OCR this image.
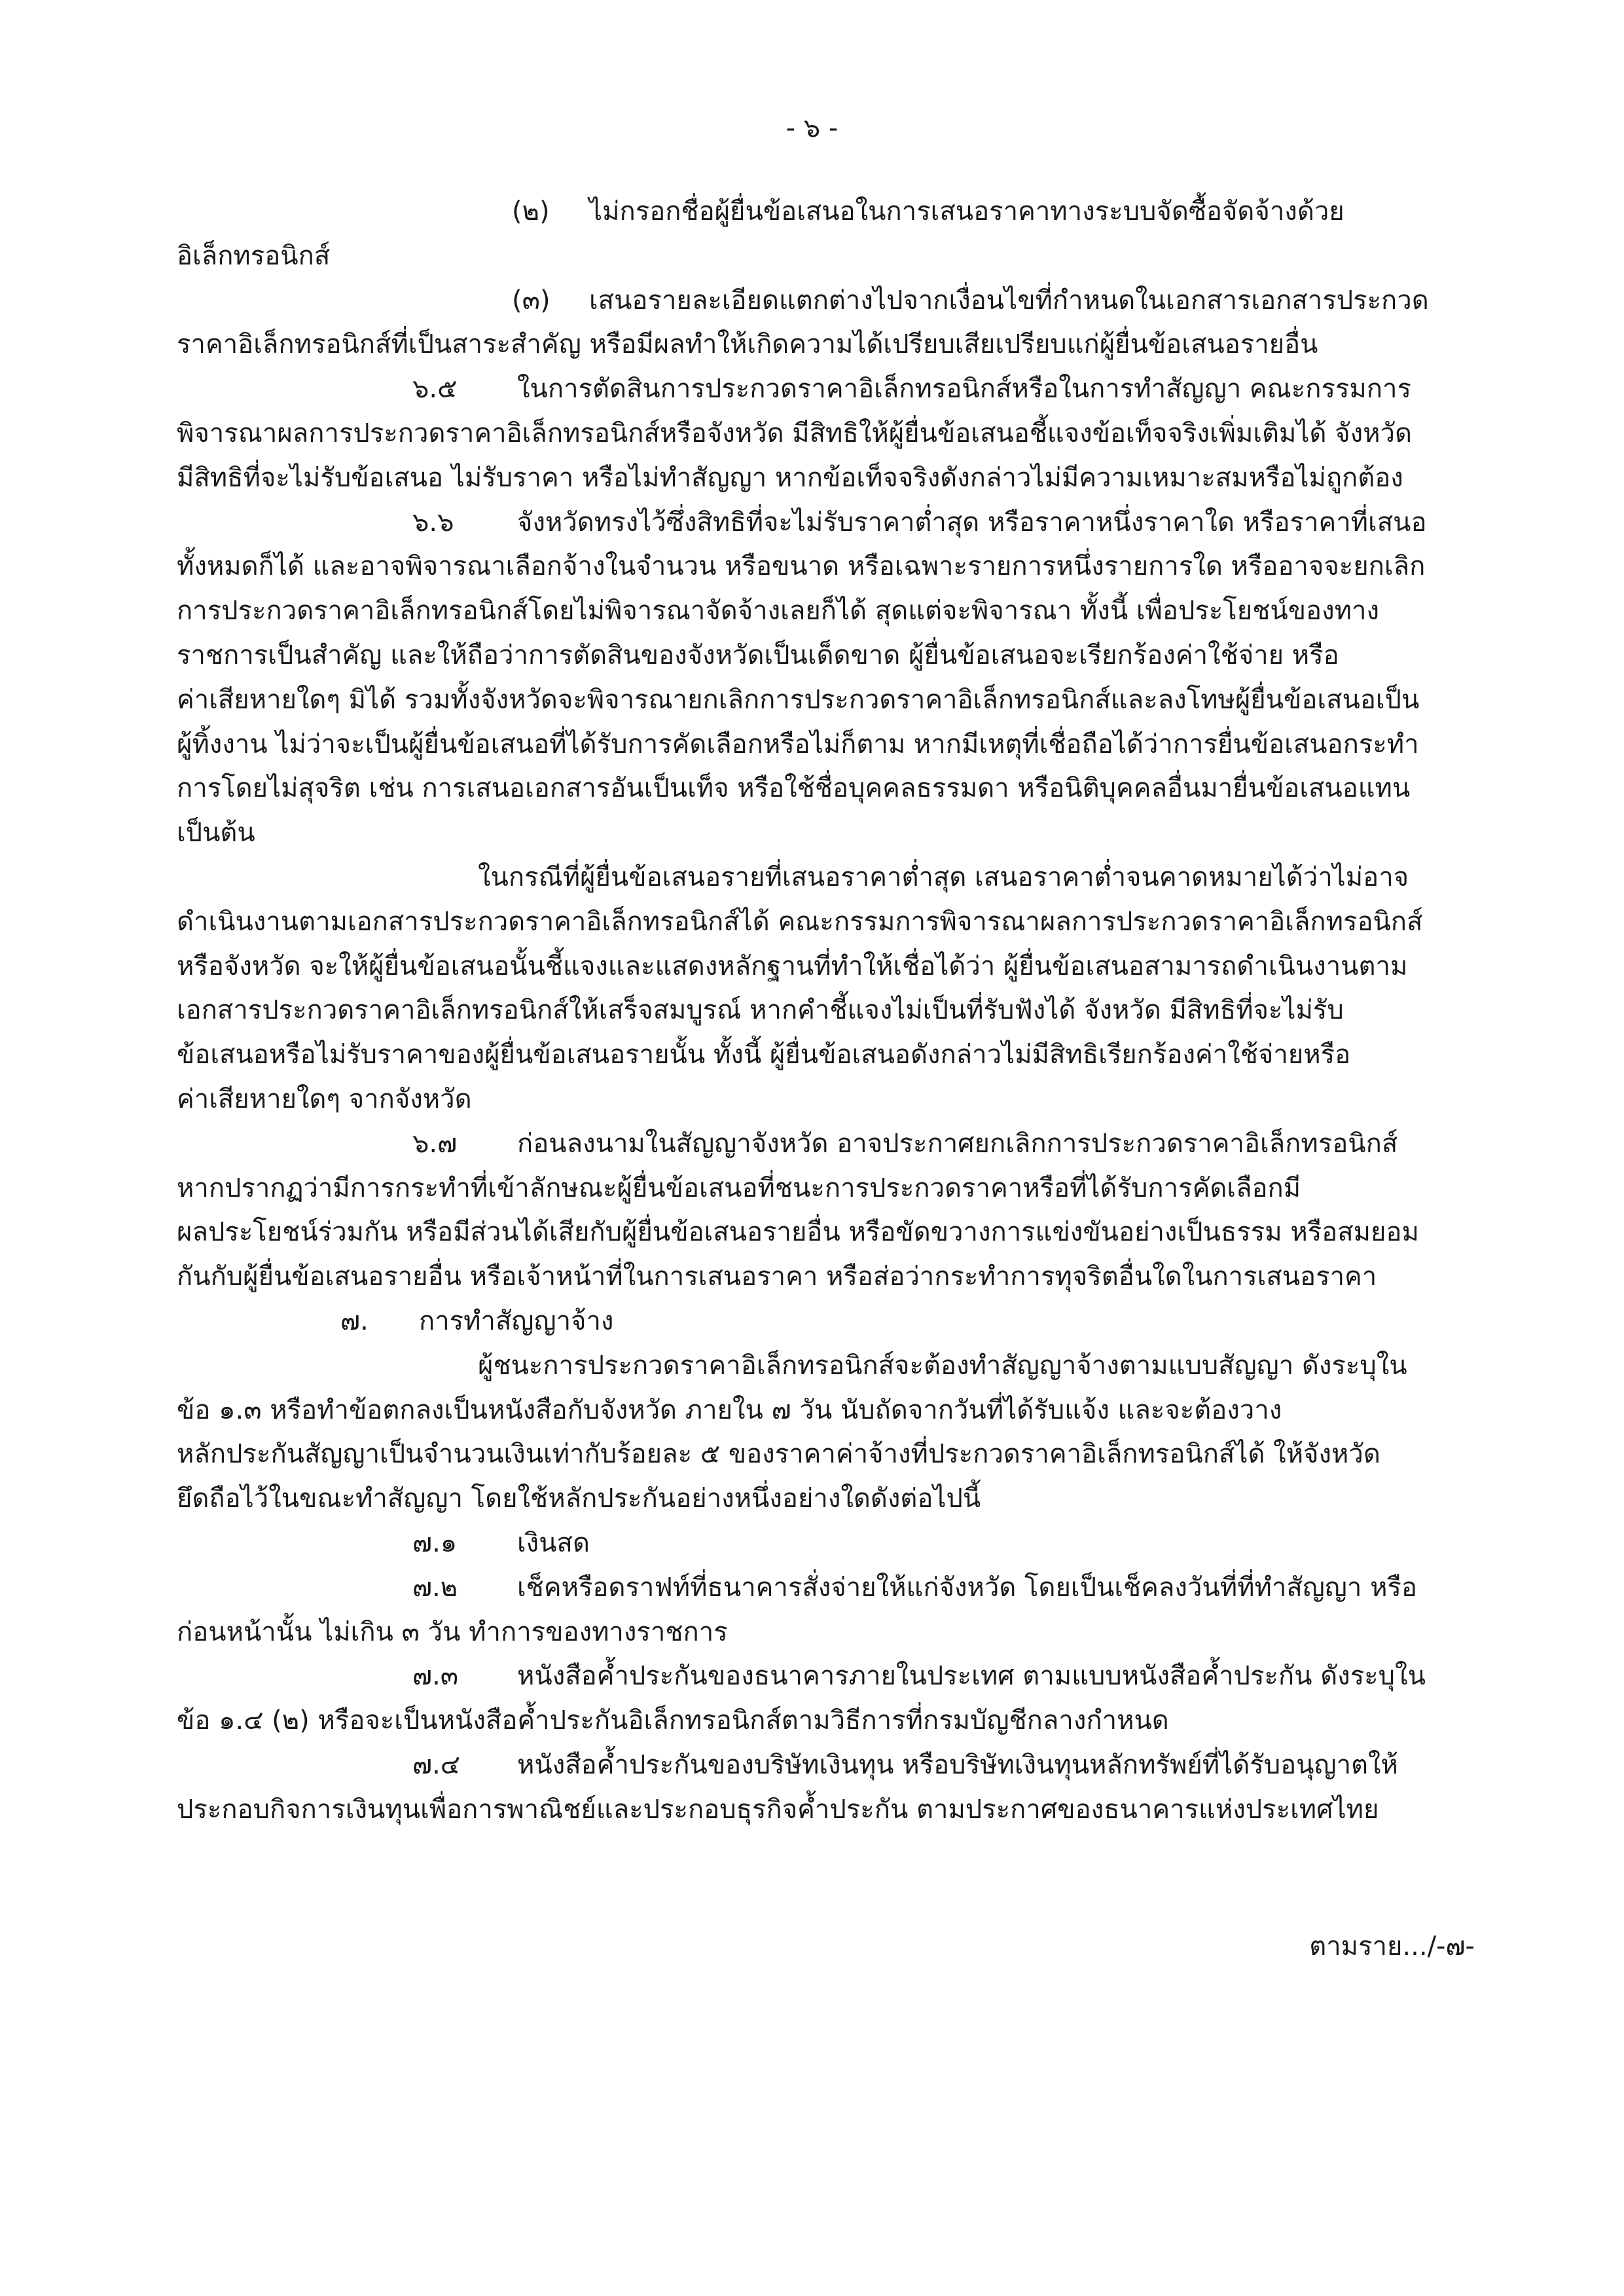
- ๖ -
(๒) ไม่กรอกชื่อผู้ยื่นข้อเสนอในการเสนอราคาทางระบบจัดซื้อจัดจ้างด้วย
อิเล็กทรอนิกส์
(๓) เสนอรายละเอียดแตกต่างไปจากเงื่อนไขที่กำหนดในเอกสารเอกสารประกวด
ราคาอิเล็กทรอนิกส์ที่เป็นสาระสำคัญ หรือมีผลทำให้เกิดความได้เปรียบเสียเปรียบแก่ผู้ยื่นข้อเสนอรายอื่น
๖.๕ ในการตัดสินการประกวดราคาอิเล็กทรอนิกส์หรือในการทำสัญญา คณะกรรมการ
พิจารณาผลการประกวดราคาอิเล็กทรอนิกส์หรือจังหวัด มีสิทธิให้ผู้ยื่นข้อเสนอชี้แจงข้อเท็จจริงเพิ่มเติมได้ จังหวัด
มีสิทธิที่จะไม่รับข้อเสนอ ไม่รับราคา หรือไม่ทำสัญญา หากข้อเท็จจริงดังกล่าวไม่มีความเหมาะสมหรือไม่ถูกต้อง
๖.๖ จังหวัดทรงไว้ซึ่งสิทธิที่จะไม่รับราคาต่ำสุด หรือราคาหนึ่งราคาใด หรือราคาที่เสนอ
ทั้งหมดก็ได้ และอาจพิจารณาเลือกจ้างในจำนวน หรือขนาด หรือเฉพาะรายการหนึ่งรายการใด หรืออาจจะยกเลิก
การประกวดราคาอิเล็กทรอนิกส์โดยไม่พิจารณาจัดจ้างเลยก็ได้ สุดแต่จะพิจารณา ทั้งนี้ เพื่อประโยชน์ของทาง
ราชการเป็นสำคัญ และให้ถือว่าการตัดสินของจังหวัดเป็นเด็ดขาด ผู้ยื่นข้อเสนอจะเรียกร้องค่าใช้จ่าย หรือ
ค่าเสียหายใดๆ มิได้ รวมทั้งจังหวัดจะพิจารณายกเลิกการประกวดราคาอิเล็กทรอนิกส์และลงโทษผู้ยื่นข้อเสนอเป็น
ผู้ทิ้งงาน ไม่ว่าจะเป็นผู้ยื่นข้อเสนอที่ได้รับการคัดเลือกหรือไม่ก็ตาม หากมีเหตุที่เชื่อถือได้ว่าการยื่นข้อเสนอกระทำ
การโดยไม่สุจริต เช่น การเสนอเอกสารอันเป็นเท็จ หรือใช้ชื่อบุคคลธรรมดา หรือนิติบุคคลอื่นมายื่นข้อเสนอแทน
เป็นต้น
ในกรณีที่ผู้ยื่นข้อเสนอรายที่เสนอราคาต่ำสุด เสนอราคาต่ำจนคาดหมายได้ว่าไม่อาจ
ดำเนินงานตามเอกสารประกวดราคาอิเล็กทรอนิกส์ได้ คณะกรรมการพิจารณาผลการประกวดราคาอิเล็กทรอนิกส์
หรือจังหวัด จะให้ผู้ยื่นข้อเสนอนั้นชี้แจงและแสดงหลักฐานที่ทำให้เชื่อได้ว่า ผู้ยื่นข้อเสนอสามารถดำเนินงานตาม
เอกสารประกวดราคาอิเล็กทรอนิกส์ให้เสร็จสมบูรณ์ หากคำชี้แจงไม่เป็นที่รับฟังได้ จังหวัด มีสิทธิที่จะไม่รับ
ข้อเสนอหรือไม่รับราคาของผู้ยื่นข้อเสนอรายนั้น ทั้งนี้ ผู้ยื่นข้อเสนอดังกล่าวไม่มีสิทธิเรียกร้องค่าใช้จ่ายหรือ
ค่าเสียหายใดๆ จากจังหวัด
๖.๗ ก่อนลงนามในสัญญาจังหวัด อาจประกาศยกเลิกการประกวดราคาอิเล็กทรอนิกส์
หากปรากฏว่ามีการกระทำที่เข้าลักษณะผู้ยื่นข้อเสนอที่ชนะการประกวดราคาหรือที่ได้รับการคัดเลือกมี
ผลประโยชน์ร่วมกัน หรือมีส่วนได้เสียกับผู้ยื่นข้อเสนอรายอื่น หรือขัดขวางการแข่งขันอย่างเป็นธรรม หรือสมยอม
กันกับผู้ยื่นข้อเสนอรายอื่น หรือเจ้าหน้าที่ในการเสนอราคา หรือส่อว่ากระทำการทุจริตอื่นใดในการเสนอราคา
๗. การทำสัญญาจ้าง
ผู้ชนะการประกวดราคาอิเล็กทรอนิกส์จะต้องทำสัญญาจ้างตามแบบสัญญา ดังระบุใน
ข้อ ๑.๓ หรือทำข้อตกลงเป็นหนังสือกับจังหวัด ภายใน ๗ วัน นับถัดจากวันที่ได้รับแจ้ง และจะต้องวาง
หลักประกันสัญญาเป็นจำนวนเงินเท่ากับร้อยละ ๕ ของราคาค่าจ้างที่ประกวดราคาอิเล็กทรอนิกส์ได้ ให้จังหวัด
ยึดถือไว้ในขณะทำสัญญา โดยใช้หลักประกันอย่างหนึ่งอย่างใดดังต่อไปนี้
๗.๑ เงินสด
๗.๒ เช็คหรือดราฟท์ที่ธนาคารสั่งจ่ายให้แก่จังหวัด โดยเป็นเช็คลงวันที่ที่ทำสัญญา หรือ
ก่อนหน้านั้น ไม่เกิน ๓ วัน ทำการของทางราชการ
๗.๓ หนังสือค้ำประกันของธนาคารภายในประเทศ ตามแบบหนังสือค้ำประกัน ดังระบุใน
ข้อ ๑.๔ (๒) หรือจะเป็นหนังสือค้ำประกันอิเล็กทรอนิกส์ตามวิธีการที่กรมบัญชีกลางกำหนด
๗.๔ หนังสือค้ำประกันของบริษัทเงินทุน หรือบริษัทเงินทุนหลักทรัพย์ที่ได้รับอนุญาตให้
ประกอบกิจการเงินทุนเพื่อการพาณิชย์และประกอบธุรกิจค้ำประกัน ตามประกาศของธนาคารแห่งประเทศไทย
ตามราย.../-๗-
